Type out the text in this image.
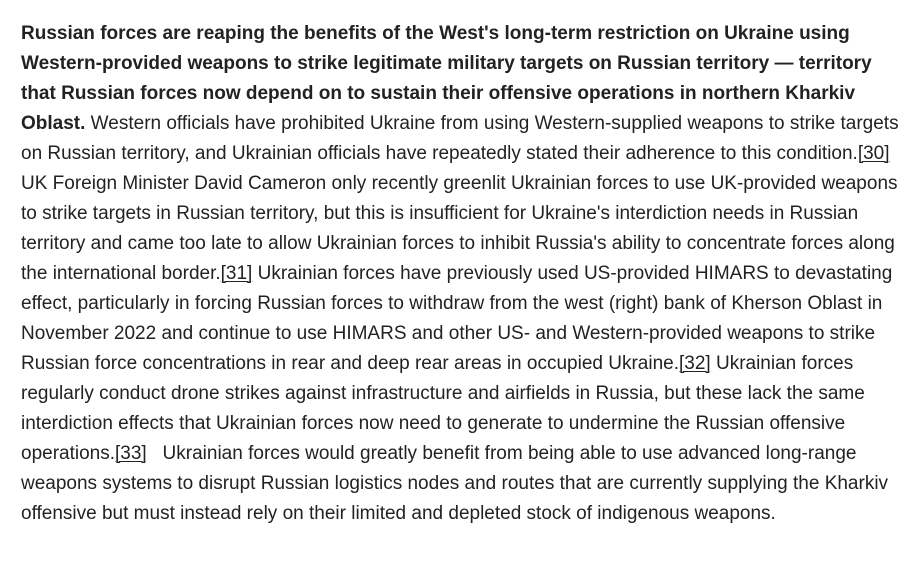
Russian forces are reaping the benefits of the West's long-term restriction on Ukraine using Western-provided weapons to strike legitimate military targets on Russian territory — territory that Russian forces now depend on to sustain their offensive operations in northern Kharkiv Oblast. Western officials have prohibited Ukraine from using Western-supplied weapons to strike targets on Russian territory, and Ukrainian officials have repeatedly stated their adherence to this condition.[30] UK Foreign Minister David Cameron only recently greenlit Ukrainian forces to use UK-provided weapons to strike targets in Russian territory, but this is insufficient for Ukraine's interdiction needs in Russian territory and came too late to allow Ukrainian forces to inhibit Russia's ability to concentrate forces along the international border.[31] Ukrainian forces have previously used US-provided HIMARS to devastating effect, particularly in forcing Russian forces to withdraw from the west (right) bank of Kherson Oblast in November 2022 and continue to use HIMARS and other US- and Western-provided weapons to strike Russian force concentrations in rear and deep rear areas in occupied Ukraine.[32] Ukrainian forces regularly conduct drone strikes against infrastructure and airfields in Russia, but these lack the same interdiction effects that Ukrainian forces now need to generate to undermine the Russian offensive operations.[33]   Ukrainian forces would greatly benefit from being able to use advanced long-range weapons systems to disrupt Russian logistics nodes and routes that are currently supplying the Kharkiv offensive but must instead rely on their limited and depleted stock of indigenous weapons.
